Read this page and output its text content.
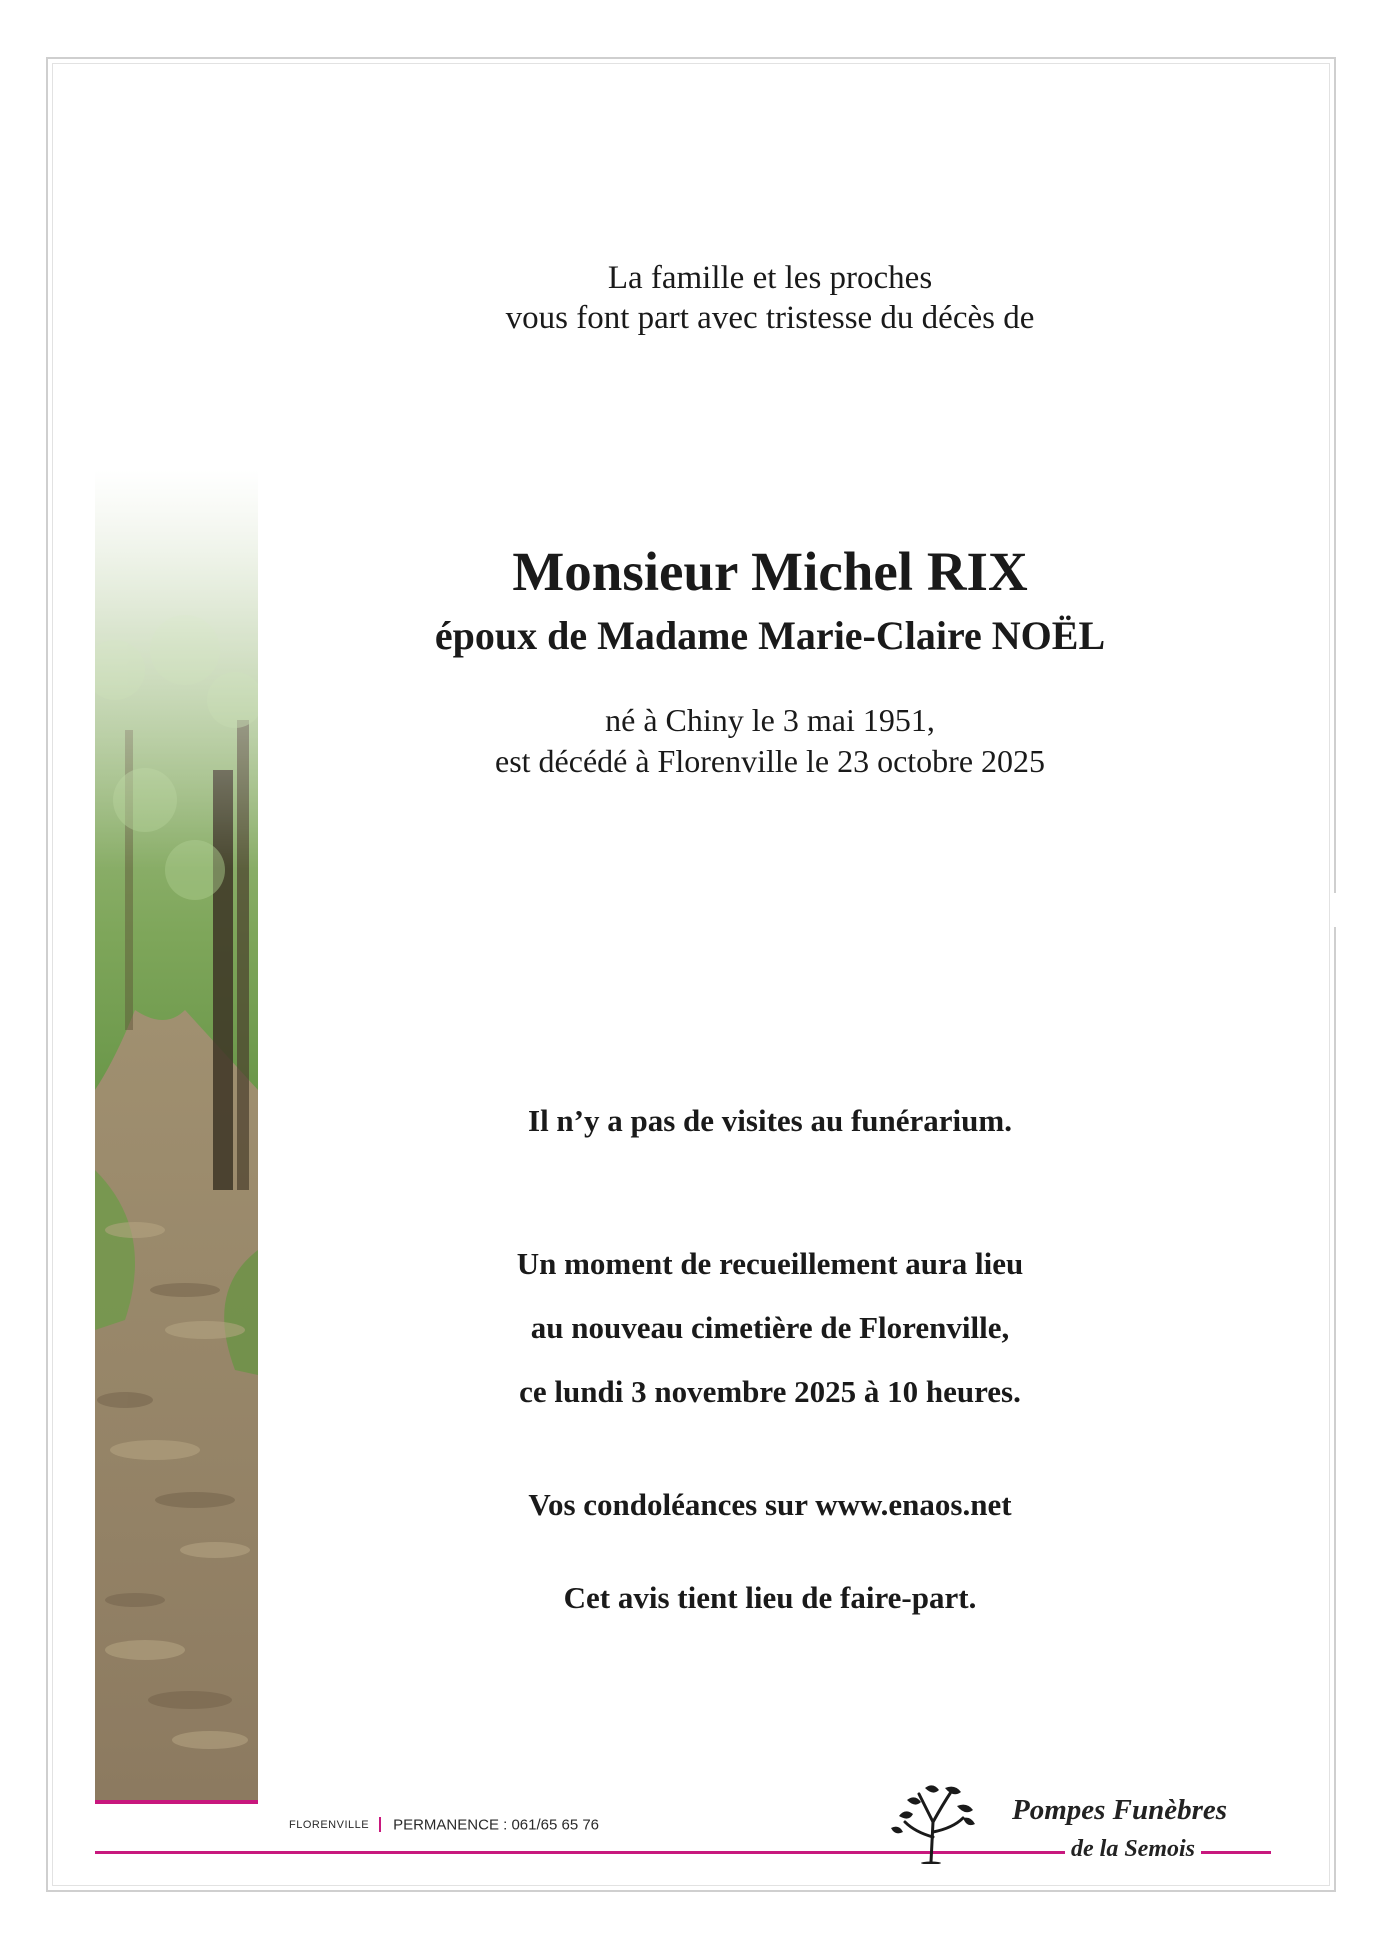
La famille et les proches
vous font part avec tristesse du décès de
Monsieur Michel RIX
époux de Madame Marie-Claire NOËL
né à Chiny le 3 mai 1951,
est décédé à Florenville le 23 octobre 2025
Il n’y a pas de visites au funérarium.
Un moment de recueillement aura lieu
au nouveau cimetière de Florenville,
ce lundi 3 novembre 2025 à 10 heures.
Vos condoléances sur www.enaos.net
Cet avis tient lieu de faire-part.
FLORENVILLE PERMANENCE : 061/65 65 76	Pompes Funèbres
de la Semois
